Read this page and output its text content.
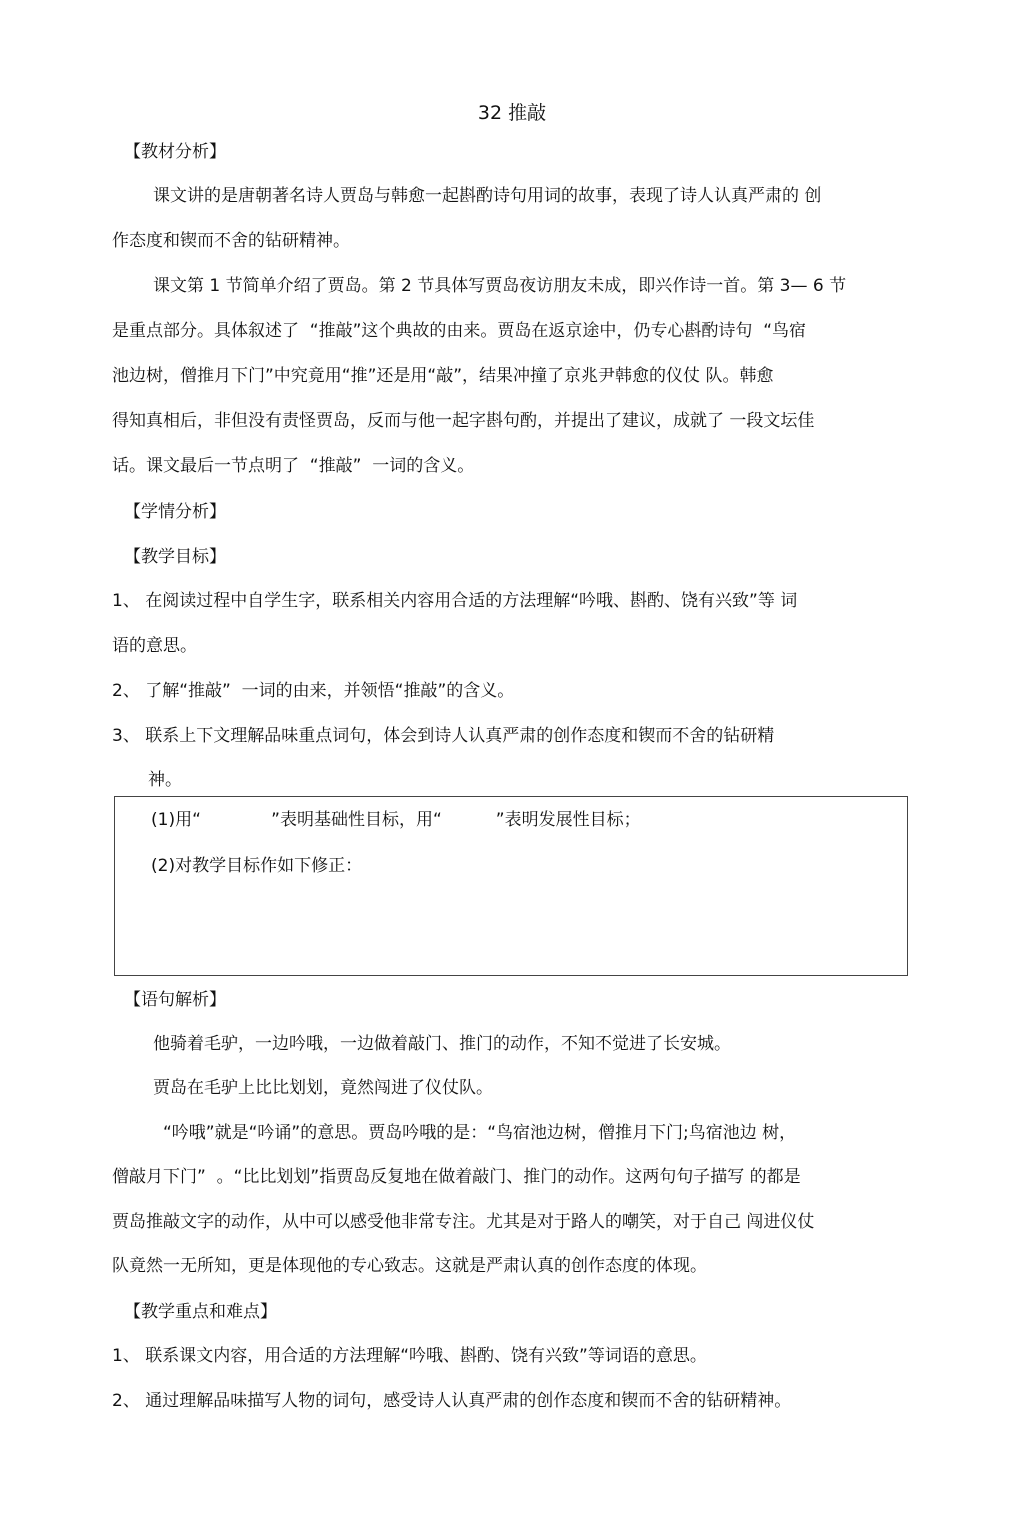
32 推敲
【教材分析】
课文讲的是唐朝著名诗人贾岛与韩愈一起斟酌诗句用词的故事，表现了诗人认真严肃的 创
作态度和锲而不舍的钻研精神。
课文第 1 节简单介绍了贾岛。第 2 节具体写贾岛夜访朋友未成，即兴作诗一首。第 3— 6 节
是重点部分。具体叙述了  “推敲”这个典故的由来。贾岛在返京途中，仍专心斟酌诗句  “鸟宿
池边树，僧推月下门”中究竟用“推”还是用“敲”，结果冲撞了京兆尹韩愈的仪仗 队。韩愈
得知真相后，非但没有责怪贾岛，反而与他一起字斟句酌，并提出了建议，成就了 一段文坛佳
话。课文最后一节点明了  “推敲”  一词的含义。
【学情分析】
【教学目标】
1、 在阅读过程中自学生字，联系相关内容用合适的方法理解“吟哦、斟酌、饶有兴致”等 词
语的意思。
2、 了解“推敲”  一词的由来，并领悟“推敲”的含义。
3、 联系上下文理解品味重点词句，体会到诗人认真严肃的创作态度和锲而不舍的钻研精
神。
(1)用“             ”表明基础性目标，用“          ”表明发展性目标；
(2)对教学目标作如下修正：
【语句解析】
他骑着毛驴，一边吟哦，一边做着敲门、推门的动作，不知不觉进了长安城。
贾岛在毛驴上比比划划，竟然闯进了仪仗队。
“吟哦”就是“吟诵”的意思。贾岛吟哦的是：“鸟宿池边树，僧推月下门;鸟宿池边 树，
僧敲月下门”  。“比比划划”指贾岛反复地在做着敲门、推门的动作。这两句句子描写 的都是
贾岛推敲文字的动作，从中可以感受他非常专注。尤其是对于路人的嘲笑，对于自己 闯进仪仗
队竟然一无所知，更是体现他的专心致志。这就是严肃认真的创作态度的体现。
【教学重点和难点】
1、 联系课文内容，用合适的方法理解“吟哦、斟酌、饶有兴致”等词语的意思。
2、 通过理解品味描写人物的词句，感受诗人认真严肃的创作态度和锲而不舍的钻研精神。
